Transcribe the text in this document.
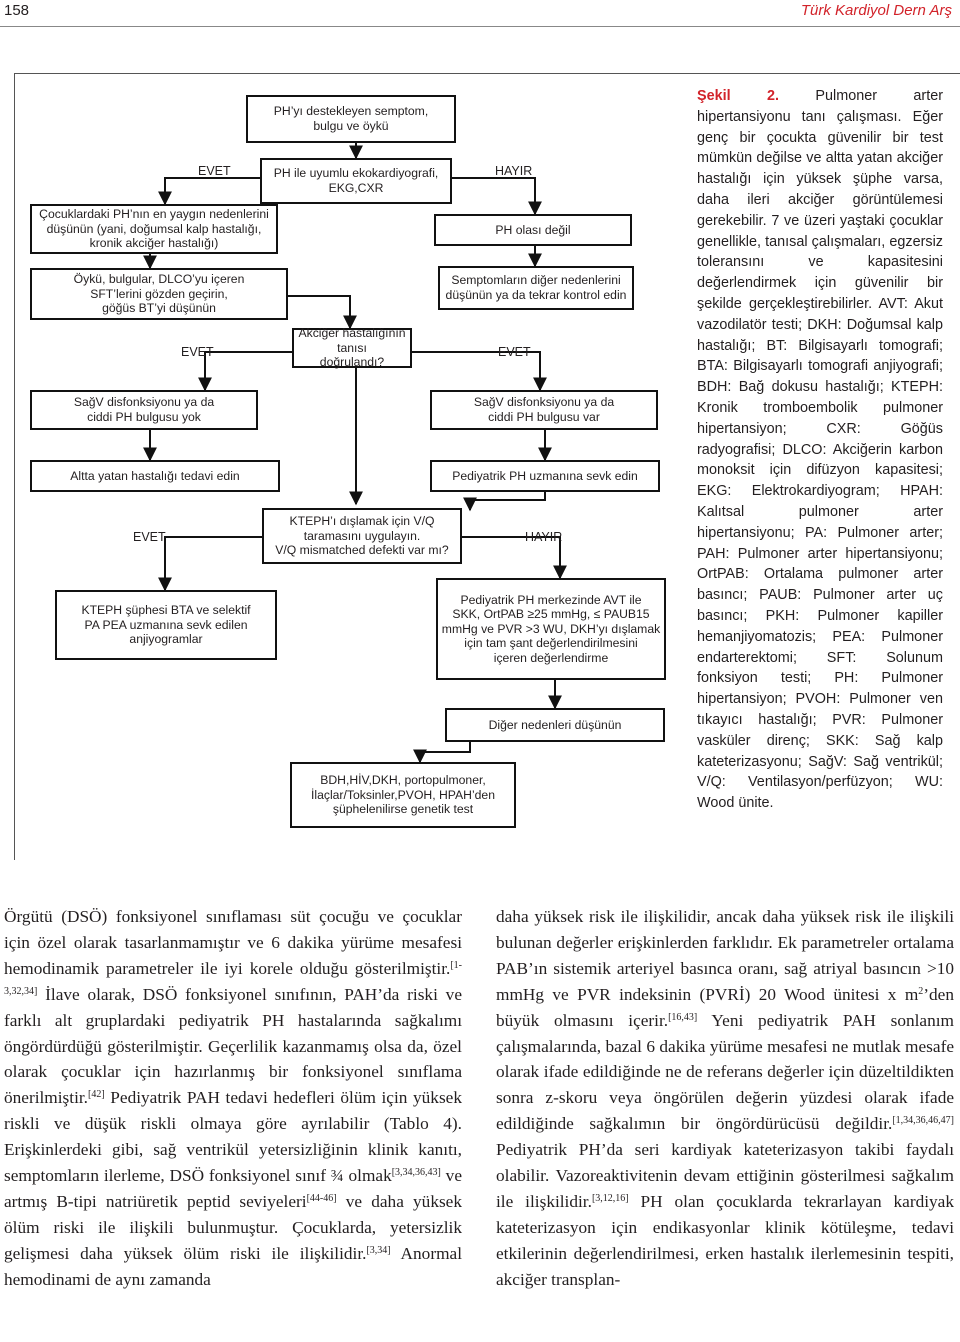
158	Türk Kardiyol Dern Arş
PH’yı destekleyen semptom,
bulgu ve öykü
PH ile uyumlu ekokardiyografi,
EKG,CXR
EVET	HAYIR
Çocuklardaki PH’nın en yaygın nedenlerini
düşünün (yani, doğumsal kalp hastalığı,
kronik akciğer hastalığı)
Öykü, bulgular, DLCO’yu içeren
SFT’lerini gözden geçirin,
göğüs BT’yi düşünün
PH olası değil
Semptomların diğer nedenlerini
düşünün ya da tekrar kontrol edin
Akciğer hastalığının tanısı
doğrulandı?
EVET	EVET
SağV disfonksiyonu ya da
ciddi PH bulgusu yok
SağV disfonksiyonu ya da
ciddi PH bulgusu var
Altta yatan hastalığı tedavi edin	Pediyatrik PH uzmanına sevk edin
KTEPH’ı dışlamak için V/Q
taramasını uygulayın.
V/Q mismatched defekti var mı?
EVET	HAYIR
KTEPH şüphesi BTA ve selektif
PA PEA uzmanına sevk edilen
anjiyogramlar
Pediyatrik PH merkezinde AVT ile
SKK, OrtPAB ≥25 mmHg, ≤ PAUB15
mmHg ve PVR >3 WU, DKH’yı dışlamak
için tam şant değerlendirilmesini
içeren değerlendirme
Diğer nedenleri düşünün
BDH,HİV,DKH, portopulmoner,
İlaçlar/Toksinler,PVOH, HPAH’den
şüphelenilirse genetik test
Şekil 2. Pulmoner arter hipertansiyonu tanı çalışması. Eğer genç bir çocukta güvenilir bir test mümkün değilse ve altta yatan akciğer hastalığı için yüksek şüphe varsa, daha ileri akciğer görüntülemesi gerekebilir. 7 ve üzeri yaştaki çocuklar genellikle, tanısal çalışmaları, egzersiz toleransını ve kapasitesini değerlendirmek için güvenilir bir şekilde gerçekleştirebilirler. AVT: Akut vazodilatör testi; DKH: Doğumsal kalp hastalığı; BT: Bilgisayarlı tomografi; BTA: Bilgisayarlı tomografi anjiyografi; BDH: Bağ dokusu hastalığı; KTEPH: Kronik tromboembolik pulmoner hipertansiyon; CXR: Göğüs radyografisi; DLCO: Akciğerin karbon monoksit için difüzyon kapasitesi; EKG: Elektrokardiyogram; HPAH: Kalıtsal pulmoner arter hipertansiyonu; PA: Pulmoner arter; PAH: Pulmoner arter hipertansiyonu; OrtPAB: Ortalama pulmoner arter basıncı; PAUB: Pulmoner arter uç basıncı; PKH: Pulmoner kapiller hemanjiyomatozis; PEA: Pulmoner endarterektomi; SFT: Solunum fonksiyon testi; PH: Pulmoner hipertansiyon; PVOH: Pulmoner ven tıkayıcı hastalığı; PVR: Pulmoner vasküler direnç; SKK: Sağ kalp kateterizasyonu; SağV: Sağ ventrikül; V/Q: Ventilasyon/perfüzyon; WU: Wood ünite.
Örgütü (DSÖ) fonksiyonel sınıflaması süt çocuğu ve çocuklar için özel olarak tasarlanmamıştır ve 6 dakika yürüme mesafesi hemodinamik parametreler ile iyi korele olduğu gösterilmiştir.[1-3,32,34] İlave olarak, DSÖ fonksiyonel sınıfının, PAH’da riski ve farklı alt gruplardaki pediyatrik PH hastalarında sağkalımı öngördürdüğü gösterilmiştir. Geçerlilik kazanmamış olsa da, özel olarak çocuklar için hazırlanmış bir fonksiyonel sınıflama önerilmiştir.[42] Pediyatrik PAH tedavi hedefleri ölüm için yüksek riskli ve düşük riskli olmaya göre ayrılabilir (Tablo 4). Erişkinlerdeki gibi, sağ ventrikül yetersizliğinin klinik kanıtı, semptomların ilerleme, DSÖ fonksiyonel sınıf ¾ olmak[3,34,36,43] ve artmış B-tipi natriüretik peptid seviyeleri[44-46] ve daha yüksek ölüm riski ile ilişkili bulunmuştur. Çocuklarda, yetersizlik gelişmesi daha yüksek ölüm riski ile ilişkilidir.[3,34] Anormal hemodinami de aynı zamanda
daha yüksek risk ile ilişkilidir, ancak daha yüksek risk ile ilişkili bulunan değerler erişkinlerden farklıdır. Ek parametreler ortalama PAB’ın sistemik arteriyel basınca oranı, sağ atriyal basıncın >10 mmHg ve PVR indeksinin (PVRİ) 20 Wood ünitesi x $m^2’den$ büyük olmasını içerir.[16,43] Yeni pediyatrik PAH sonlanım çalışmalarında, bazal 6 dakika yürüme mesafesi ne mutlak mesafe olarak ifade edildiğinde ne de referans değerler için düzeltildikten sonra z-skoru veya öngörülen değerin yüzdesi olarak ifade edildiğinde sağkalımın bir öngördürücüsü değildir.[1,34,36,46,47] Pediyatrik PH’da seri kardiyak kateterizasyon takibi faydalı olabilir. Vazoreaktivitenin devam ettiğinin gösterilmesi sağkalım ile ilişkilidir.[3,12,16] PH olan çocuklarda tekrarlayan kardiyak kateterizasyon için endikasyonlar klinik kötüleşme, tedavi etkilerinin değerlendirilmesi, erken hastalık ilerlemesinin tespiti, akciğer transplan-
